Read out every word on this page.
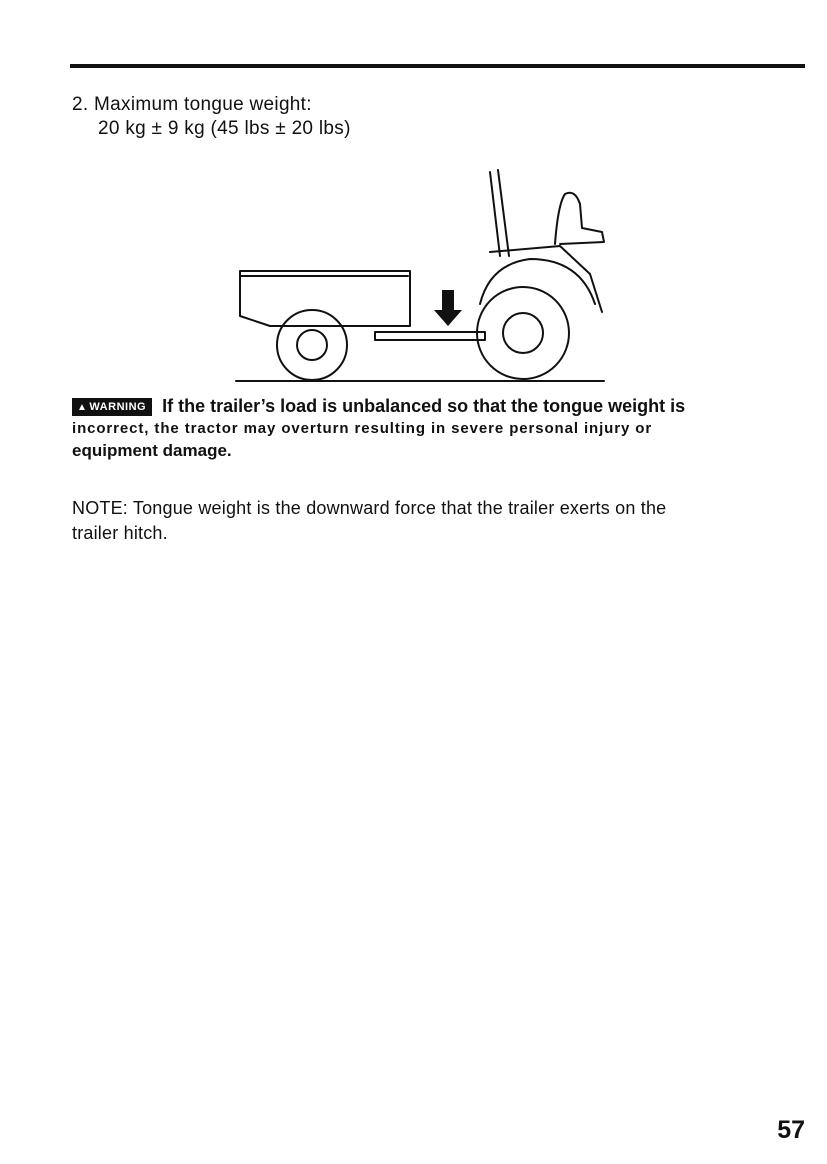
2. Maximum tongue weight:
20 kg ± 9 kg (45 lbs ± 20 lbs)
▲ WARNING If the trailer’s load is unbalanced so that the tongue weight is
incorrect, the tractor may overturn resulting in severe personal injury or
equipment damage.
NOTE: Tongue weight is the downward force that the trailer exerts on the
trailer hitch.
57
